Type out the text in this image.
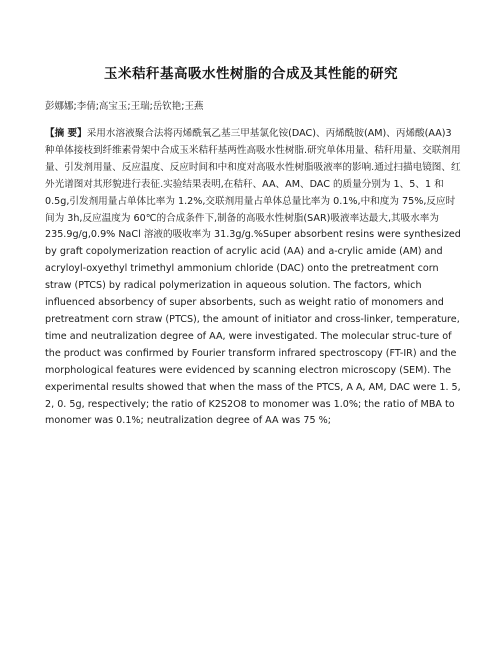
玉米秸秆基高吸水性树脂的合成及其性能的研究
彭娜娜;李倩;高宝玉;王瑞;岳钦艳;王燕
【摘 要】采用水溶液聚合法将丙烯酰氧乙基三甲基氯化铵(DAC)、丙烯酰胺(AM)、丙烯酸(AA)3 种单体接枝到纤维素骨架中合成玉米秸秆基两性高吸水性树脂.研究单体用量、秸秆用量、交联剂用量、引发剂用量、反应温度、反应时间和中和度对高吸水性树脂吸液率的影响.通过扫描电镜图、红外光谱图对其形貌进行表征.实验结果表明,在秸秆、AA、AM、DAC 的质量分别为 1、5、1 和 0.5g,引发剂用量占单体比率为 1.2%,交联剂用量占单体总量比率为 0.1%,中和度为 75%,反应时间为 3h,反应温度为 60℃的合成条件下,制备的高吸水性树脂(SAR)吸液率达最大,其吸水率为 235.9g/g,0.9% NaCl 溶液的吸收率为 31.3g/g.%Super absorbent resins were synthesized by graft copolymerization reaction of acrylic acid (AA) and a-crylic amide (AM) and acryloyl-oxyethyl trimethyl ammonium chloride (DAC) onto the pretreatment corn straw (PTCS) by radical polymerization in aqueous solution. The factors, which influenced absorbency of super absorbents, such as weight ratio of monomers and pretreatment corn straw (PTCS), the amount of initiator and cross-linker, temperature, time and neutralization degree of AA, were investigated. The molecular struc-ture of the product was confirmed by Fourier transform infrared spectroscopy (FT-IR) and the morphological features were evidenced by scanning electron microscopy (SEM). The experimental results showed that when the mass of the PTCS, A A, AM, DAC were 1. 5, 2, 0. 5g, respectively; the ratio of K2S2O8 to monomer was 1.0%; the ratio of MBA to monomer was 0.1%; neutralization degree of AA was 75 %;
